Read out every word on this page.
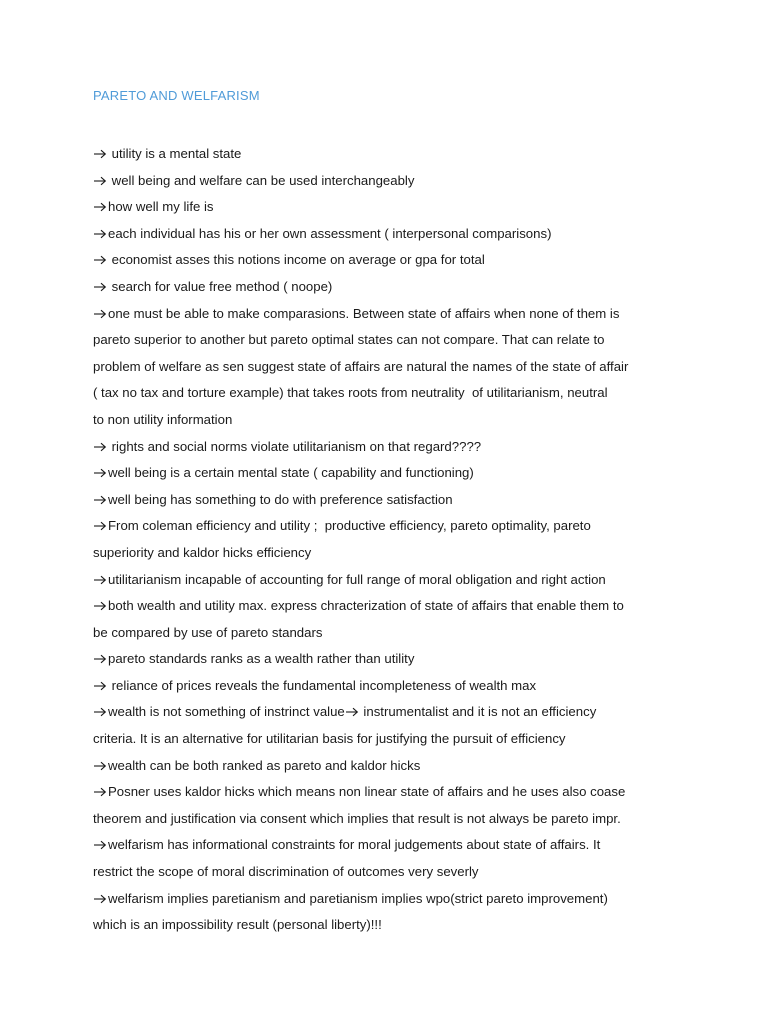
PARETO AND WELFARISM
utility is a mental state
well being and welfare can be used interchangeably
how well my life is
each individual has his or her own assessment ( interpersonal comparisons)
economist asses this notions income on average or gpa for total
search for value free method ( noope)
one must be able to make comparasions. Between state of affairs when none of them is
pareto superior to another but pareto optimal states can not compare. That can relate to
problem of welfare as sen suggest state of affairs are natural the names of the state of affair
( tax no tax and torture example) that takes roots from neutrality  of utilitarianism, neutral
to non utility information
rights and social norms violate utilitarianism on that regard????
well being is a certain mental state ( capability and functioning)
well being has something to do with preference satisfaction
From coleman efficiency and utility ;  productive efficiency, pareto optimality, pareto
superiority and kaldor hicks efficiency
utilitarianism incapable of accounting for full range of moral obligation and right action
both wealth and utility max. express chracterization of state of affairs that enable them to
be compared by use of pareto standars
pareto standards ranks as a wealth rather than utility
reliance of prices reveals the fundamental incompleteness of wealth max
wealth is not something of instrinct value
instrumentalist and it is not an efficiency
criteria. It is an alternative for utilitarian basis for justifying the pursuit of efficiency
wealth can be both ranked as pareto and kaldor hicks
Posner uses kaldor hicks which means non linear state of affairs and he uses also coase
theorem and justification via consent which implies that result is not always be pareto impr.
welfarism has informational constraints for moral judgements about state of affairs. It
restrict the scope of moral discrimination of outcomes very severly
welfarism implies paretianism and paretianism implies wpo(strict pareto improvement)
which is an impossibility result (personal liberty)!!!
